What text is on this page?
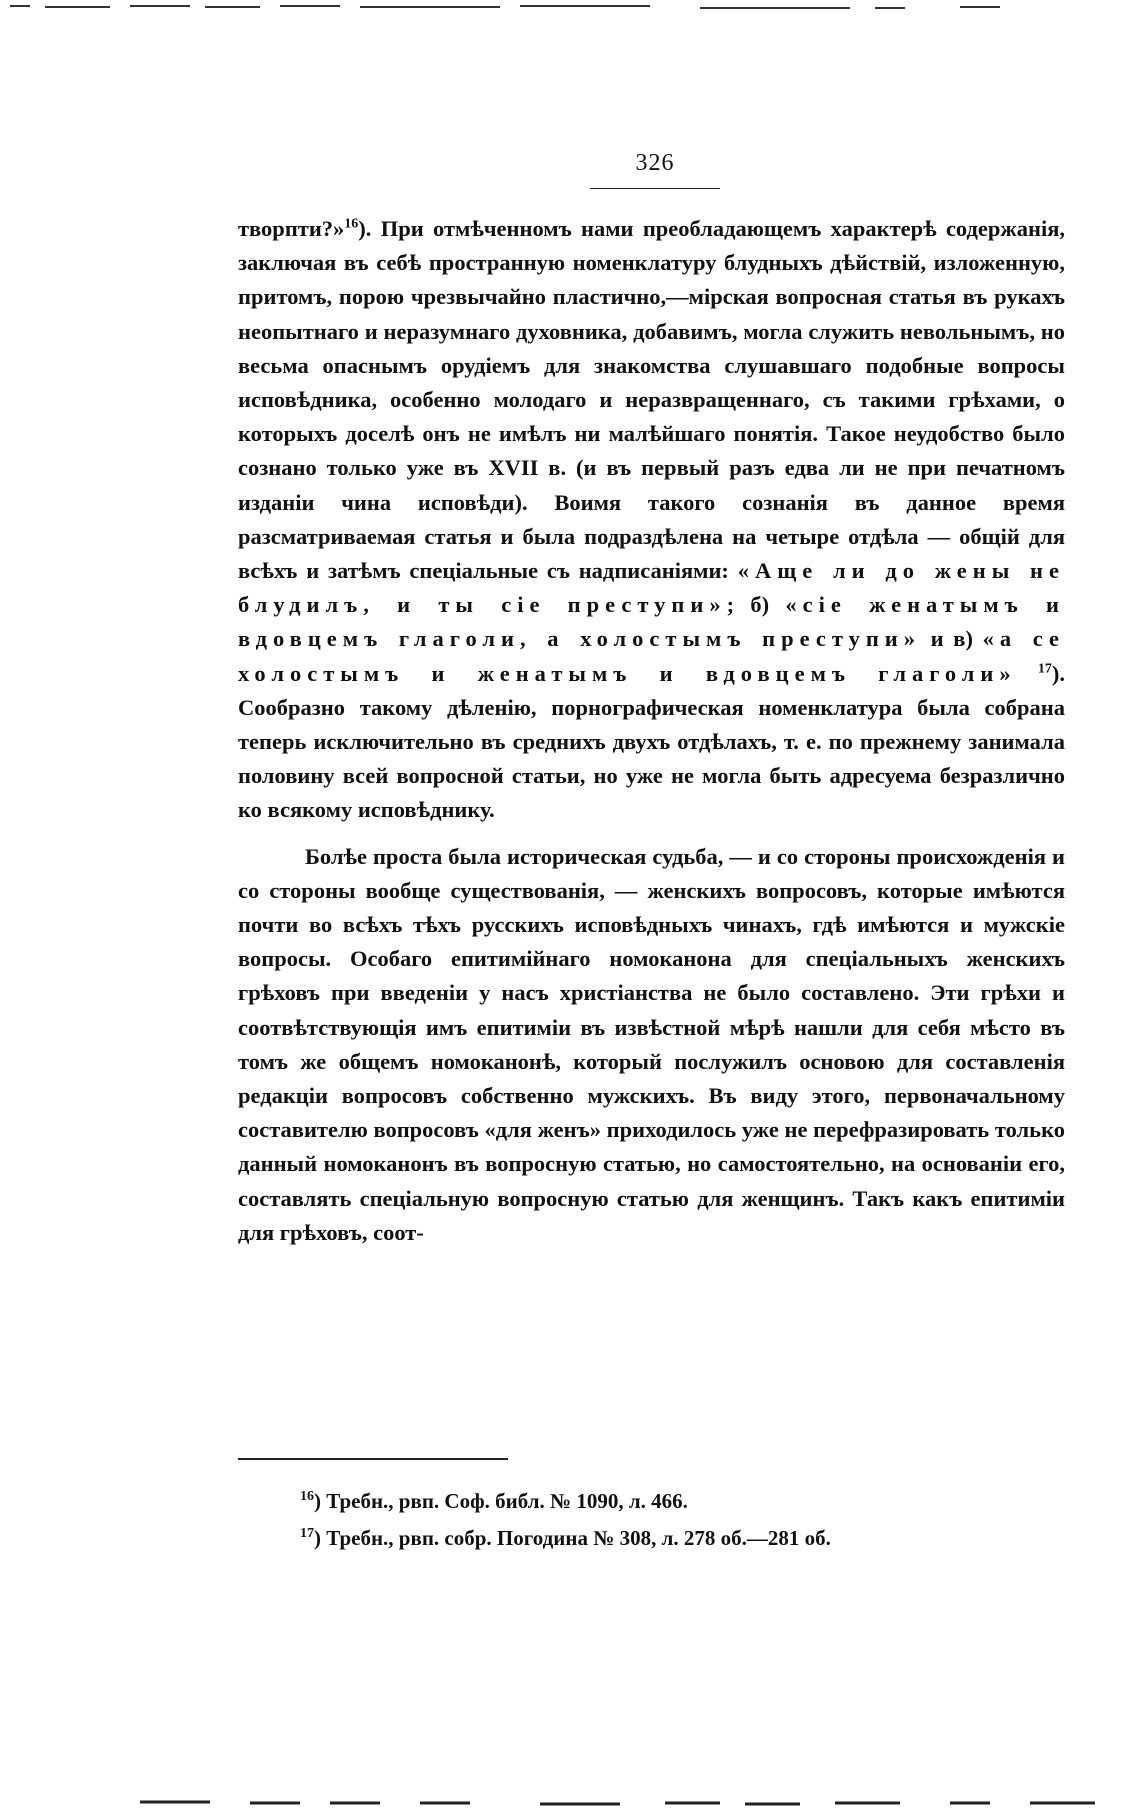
326

творпти?»$^{16}$). При отмѣченномъ нами преобладающемъ характерѣ содержанія, заключая въ себѣ пространную номенклатуру блудныхъ дѣйствій, изложенную, притомъ, порою чрезвычайно пластично,—мірская вопросная статья въ рукахъ неопытнаго и неразумнаго духовника, добавимъ, могла служить невольнымъ, но весьма опаснымъ орудіемъ для знакомства слушавшаго подобные вопросы исповѣдника, особенно молодаго и неразвращеннаго, съ такими грѣхами, о которыхъ доселѣ онъ не имѣлъ ни малѣйшаго понятія. Такое неудобство было сознано только уже въ XVII в. (и въ первый разъ едва ли не при печатномъ изданіи чина исповѣди). Воимя такого сознанія въ данное время разсматриваемая статья и была подраздѣлена на четыре отдѣла — общій для всѣхъ и затѣмъ спеціальные съ надписаніями: «Аще ли до жены не блудилъ, и ты сіе преступи»; б) «сіе женатымъ и вдовцемъ глаголи, а холостымъ преступи» и в) «а се холостымъ и женатымъ и вдовцемъ глаголи» $^{17}$). Сообразно такому дѣленію, порнографическая номенклатура была собрана теперь исключительно въ среднихъ двухъ отдѣлахъ, т. е. по прежнему занимала половину всей вопросной статьи, но уже не могла быть адресуема безразлично ко всякому исповѣднику.

Болѣе проста была историческая судьба, — и со стороны происхожденія и со стороны вообще существованія, — женскихъ вопросовъ, которые имѣются почти во всѣхъ тѣхъ русскихъ исповѣдныхъ чинахъ, гдѣ имѣются и мужскіе вопросы. Особаго епитимійнаго номоканона для спеціальныхъ женскихъ грѣховъ при введеніи у насъ христіанства не было составлено. Эти грѣхи и соотвѣтствующія имъ епитиміи въ извѣстной мѣрѣ нашли для себя мѣсто въ томъ же общемъ номоканонѣ, который послужилъ основою для составленія редакціи вопросовъ собственно мужскихъ. Въ виду этого, первоначальному составителю вопросовъ «для женъ» приходилось уже не перефразировать только данный номоканонъ въ вопросную статью, но самостоятельно, на основаніи его, составлять спеціальную вопросную статью для женщинъ. Такъ какъ епитиміи для грѣховъ, соот-

$^{16}$) Требн., рвп. Соф. библ. № 1090, л. 466.

$^{17}$) Требн., рвп. собр. Погодина № 308, л. 278 об.—281 об.
